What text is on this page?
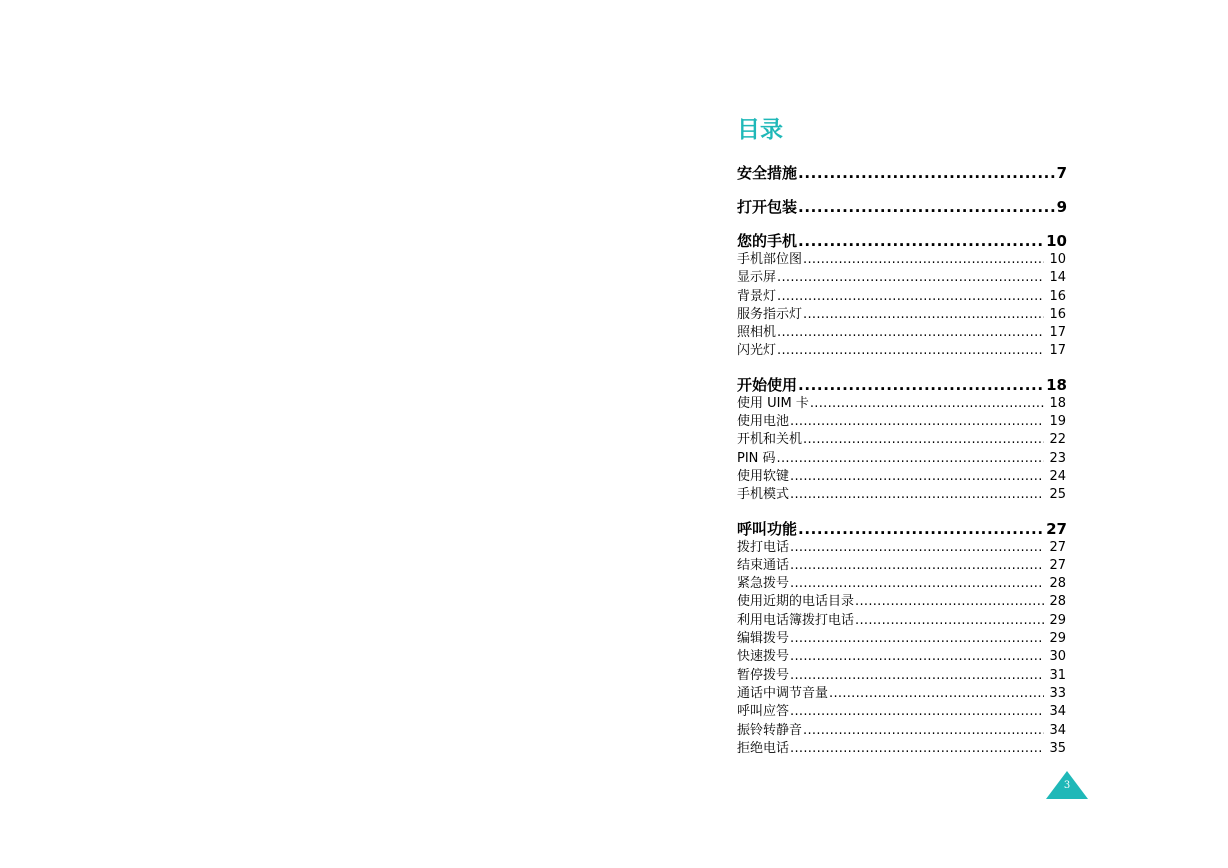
目录
安全措施 .....	7
打开包装 .....	9
您的手机 .....	10
手机部位图 .....	10
显示屏 .....	14
背景灯 .....	16
服务指示灯 .....	16
照相机 .....	17
闪光灯 .....	17
开始使用 .....	18
使用 UIM 卡 .....	18
使用电池 .....	19
开机和关机 .....	22
PIN 码 .....	23
使用软键 .....	24
手机模式 .....	25
呼叫功能 .....	27
拨打电话 .....	27
结束通话 .....	27
紧急拨号 .....	28
使用近期的电话目录 .....	28
利用电话簿拨打电话 .....	29
编辑拨号 .....	29
快速拨号 .....	30
暂停拨号 .....	31
通话中调节音量 .....	33
呼叫应答 .....	34
振铃转静音 .....	34
拒绝电话 .....	35
3
